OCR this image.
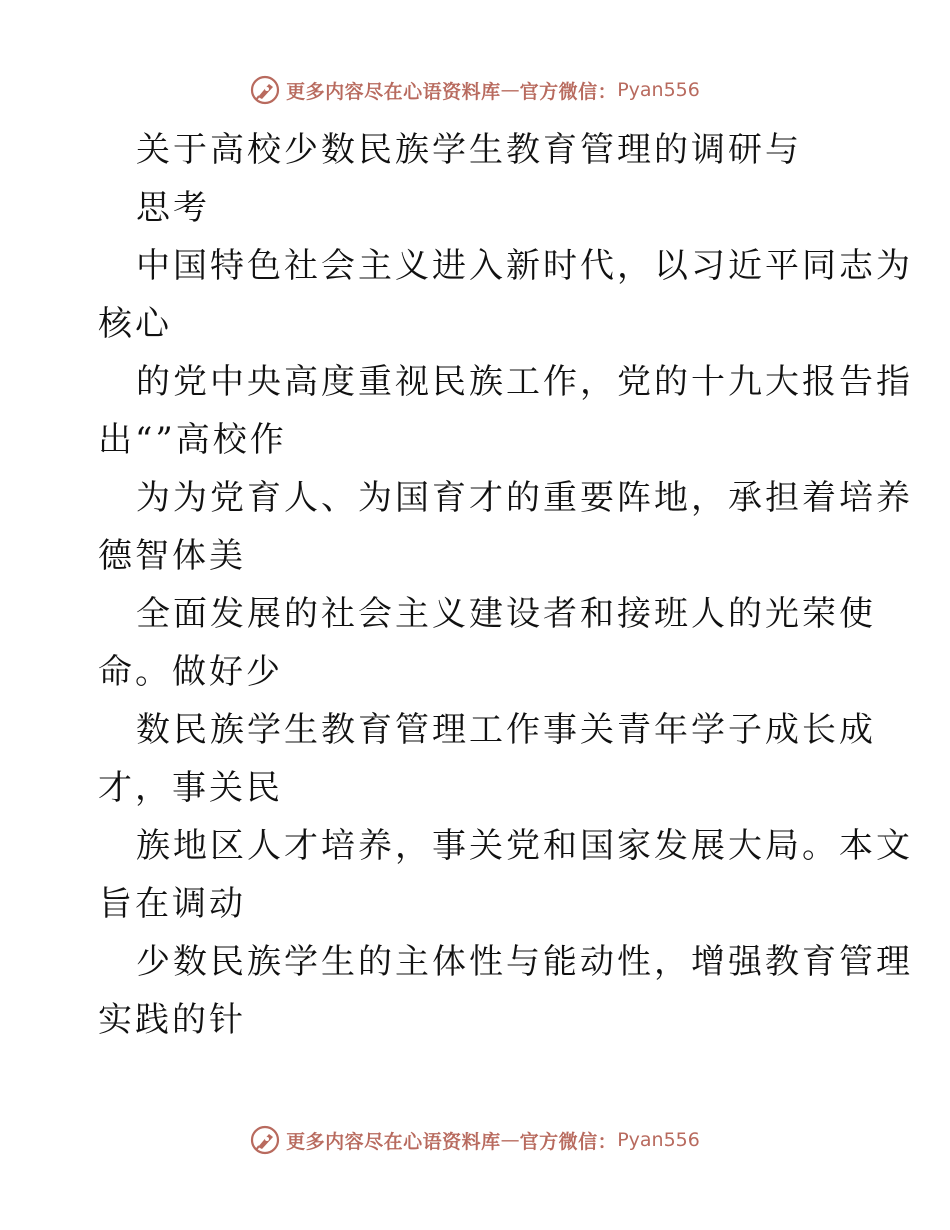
更多内容尽在心语资料库 — 官方微信： Pyan556
关于高校少数民族学生教育管理的调研与
思考
中国特色社会主义进入新时代，以习近平同志为
核心
的党中央高度重视民族工作，党的十九大报告指
出“”高校作
为为党育人、为国育才的重要阵地，承担着培养
德智体美
全面发展的社会主义建设者和接班人的光荣使
命。做好少
数民族学生教育管理工作事关青年学子成长成
才，事关民
族地区人才培养，事关党和国家发展大局。本文
旨在调动
少数民族学生的主体性与能动性，增强教育管理
实践的针
更多内容尽在心语资料库 — 官方微信： Pyan556
